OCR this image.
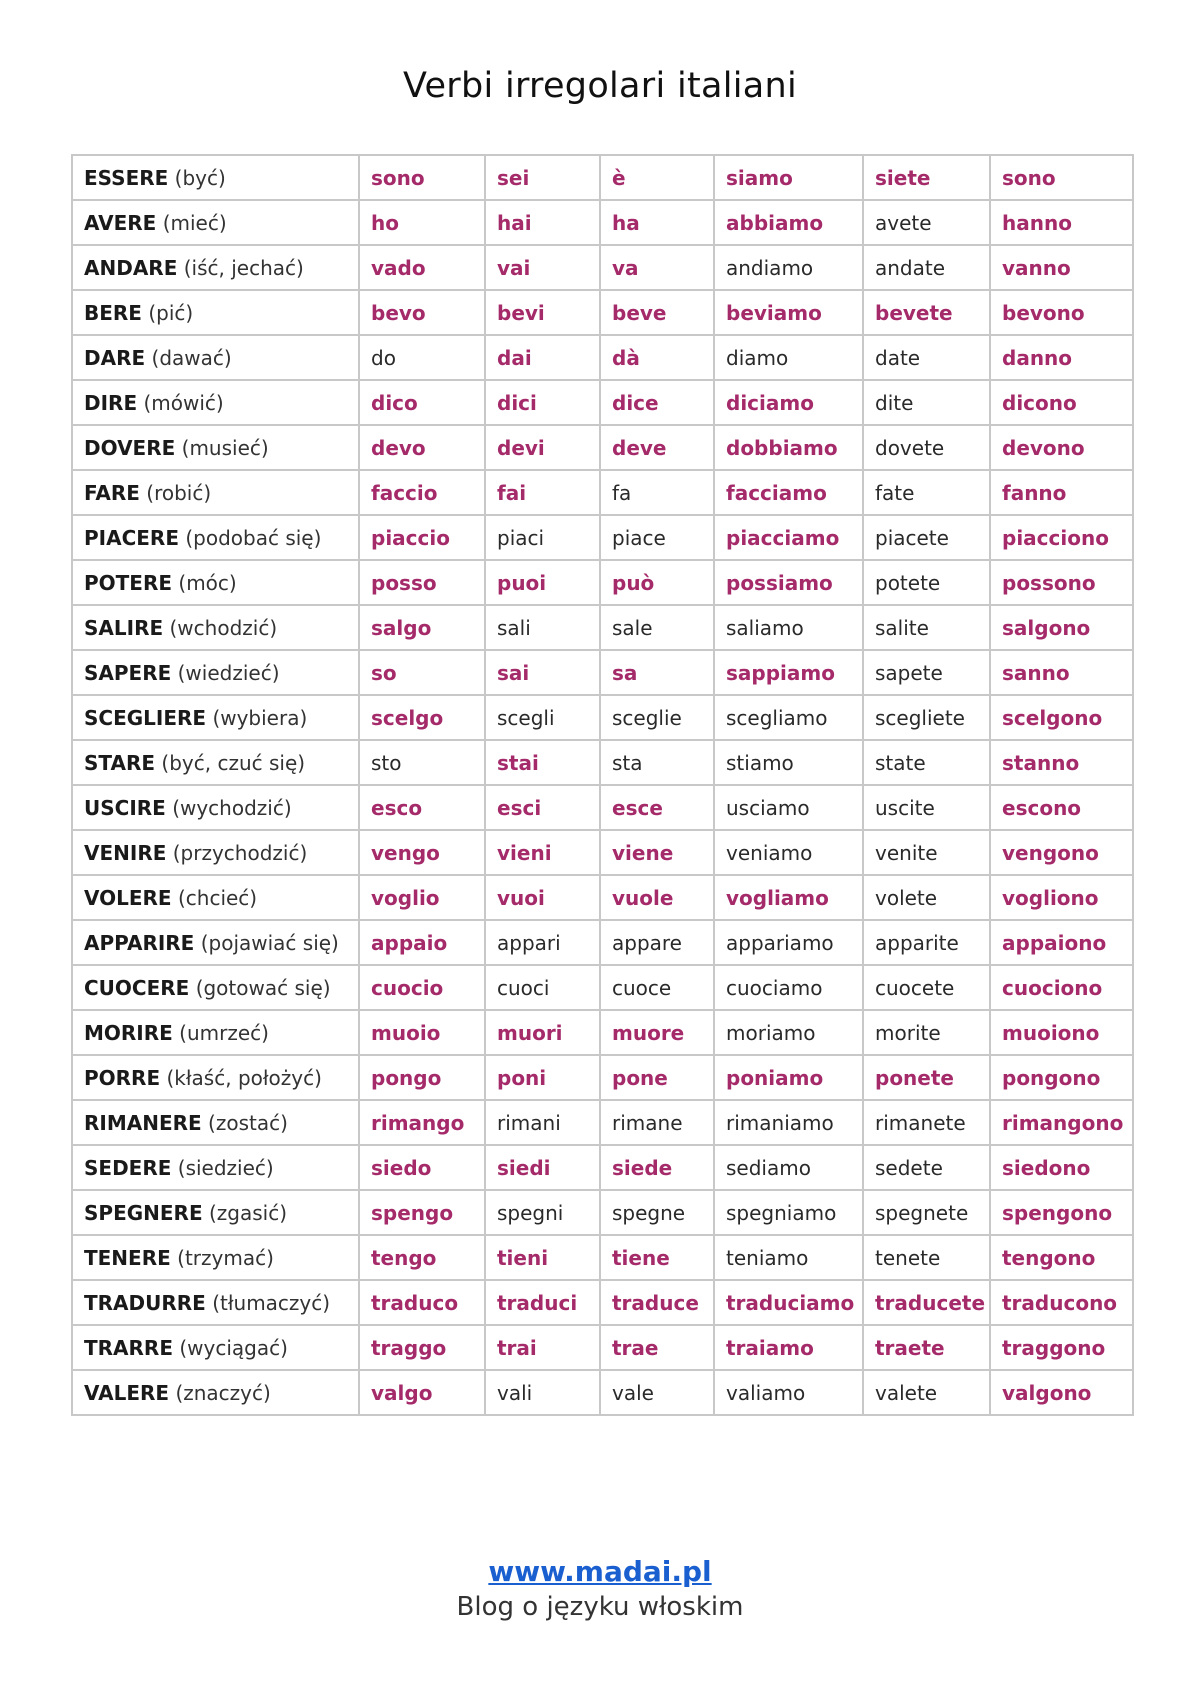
Verbi irregolari italiani
ESSERE (być)	sono	sei	è	siamo	siete	sono
AVERE (mieć)	ho	hai	ha	abbiamo	avete	hanno
ANDARE (iść, jechać)	vado	vai	va	andiamo	andate	vanno
BERE (pić)	bevo	bevi	beve	beviamo	bevete	bevono
DARE (dawać)	do	dai	dà	diamo	date	danno
DIRE (mówić)	dico	dici	dice	diciamo	dite	dicono
DOVERE (musieć)	devo	devi	deve	dobbiamo	dovete	devono
FARE (robić)	faccio	fai	fa	facciamo	fate	fanno
PIACERE (podobać się)	piaccio	piaci	piace	piacciamo	piacete	piacciono
POTERE (móc)	posso	puoi	può	possiamo	potete	possono
SALIRE (wchodzić)	salgo	sali	sale	saliamo	salite	salgono
SAPERE (wiedzieć)	so	sai	sa	sappiamo	sapete	sanno
SCEGLIERE (wybiera)	scelgo	scegli	sceglie	scegliamo	scegliete	scelgono
STARE (być, czuć się)	sto	stai	sta	stiamo	state	stanno
USCIRE (wychodzić)	esco	esci	esce	usciamo	uscite	escono
VENIRE (przychodzić)	vengo	vieni	viene	veniamo	venite	vengono
VOLERE (chcieć)	voglio	vuoi	vuole	vogliamo	volete	vogliono
APPARIRE (pojawiać się)	appaio	appari	appare	appariamo	apparite	appaiono
CUOCERE (gotować się)	cuocio	cuoci	cuoce	cuociamo	cuocete	cuociono
MORIRE (umrzeć)	muoio	muori	muore	moriamo	morite	muoiono
PORRE (kłaść, położyć)	pongo	poni	pone	poniamo	ponete	pongono
RIMANERE (zostać)	rimango	rimani	rimane	rimaniamo	rimanete	rimangono
SEDERE (siedzieć)	siedo	siedi	siede	sediamo	sedete	siedono
SPEGNERE (zgasić)	spengo	spegni	spegne	spegniamo	spegnete	spengono
TENERE (trzymać)	tengo	tieni	tiene	teniamo	tenete	tengono
TRADURRE (tłumaczyć)	traduco	traduci	traduce	traduciamo	traducete	traducono
TRARRE (wyciągać)	traggo	trai	trae	traiamo	traete	traggono
VALERE (znaczyć)	valgo	vali	vale	valiamo	valete	valgono
www.madai.pl
Blog o języku włoskim
